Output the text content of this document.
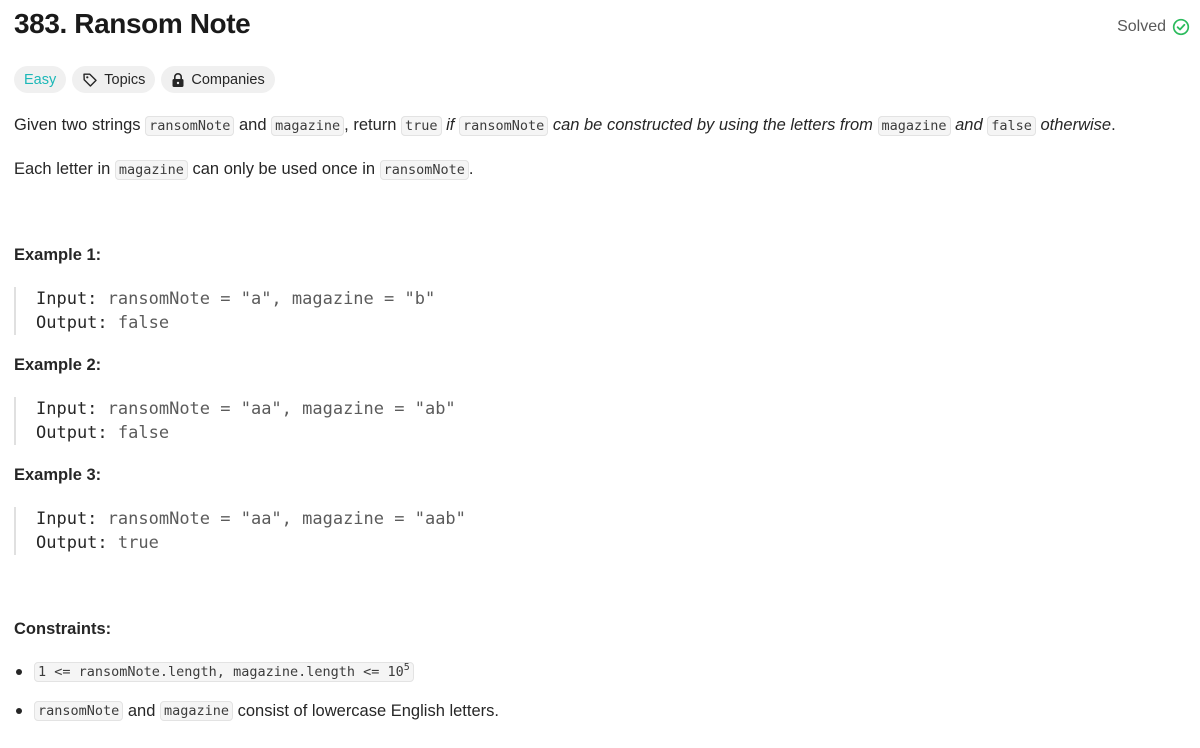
383. Ransom Note	Solved
Easy	Topics	Companies

Given two strings ransomNote and magazine , return true if ransomNote can be constructed by using the letters from magazine and false otherwise.

Each letter in magazine can only be used once in ransomNote .

Example 1:
Input: ransomNote = "a", magazine = "b"
Output: false
Example 2:
Input: ransomNote = "aa", magazine = "ab"
Output: false
Example 3:
Input: ransomNote = "aa", magazine = "aab"
Output: true
Constraints:
1 <= ransomNote.length, magazine.length <= $10^5$
ransomNote and magazine consist of lowercase English letters.
